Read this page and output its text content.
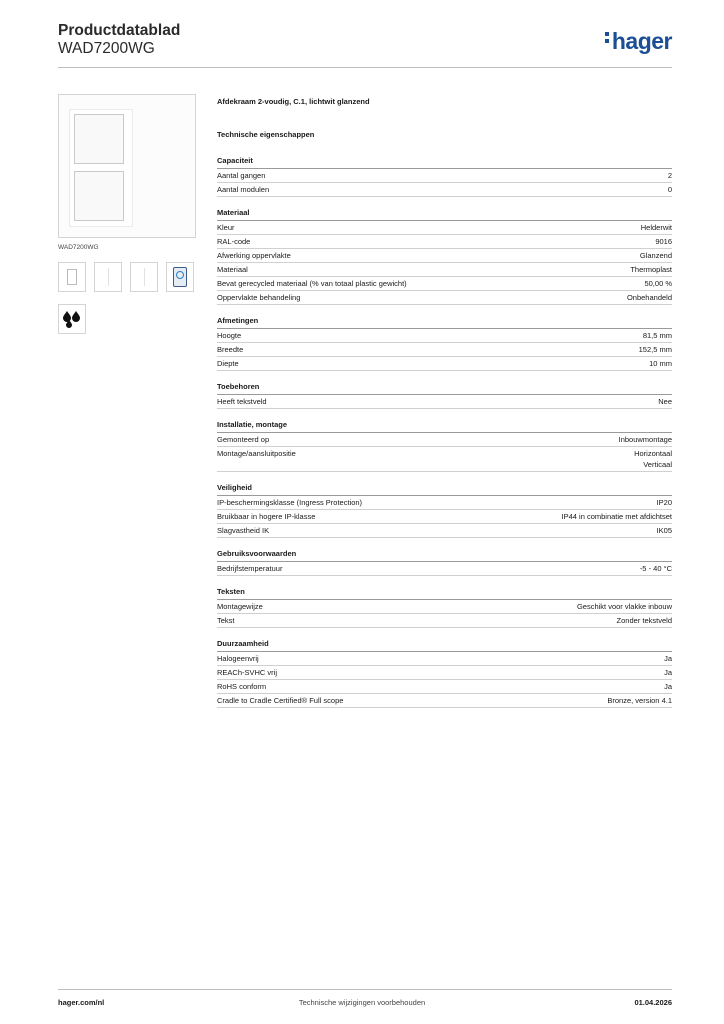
Productdatablad
WAD7200WG	hager
WAD7200WG
Afdekraam 2-voudig, C.1, lichtwit glanzend
Technische eigenschappen
Capaciteit
Aantal gangen	2
Aantal modulen	0
Materiaal
Kleur	Helderwit
RAL-code	9016
Afwerking oppervlakte	Glanzend
Materiaal	Thermoplast
Bevat gerecycled materiaal (% van totaal plastic gewicht)	50,00 %
Oppervlakte behandeling	Onbehandeld
Afmetingen
Hoogte	81,5 mm
Breedte	152,5 mm
Diepte	10 mm
Toebehoren
Heeft tekstveld	Nee
Installatie, montage
Gemonteerd op	Inbouwmontage
Montage/aansluitpositie	Horizontaal
Verticaal
Veiligheid
IP-beschermingsklasse (Ingress Protection)	IP20
Bruikbaar in hogere IP-klasse	IP44 in combinatie met afdichtset
Slagvastheid IK	IK05
Gebruiksvoorwaarden
Bedrijfstemperatuur	-5 - 40 °C
Teksten
Montagewijze	Geschikt voor vlakke inbouw
Tekst	Zonder tekstveld
Duurzaamheid
Halogeenvrij	Ja
REACh-SVHC vrij	Ja
RoHS conform	Ja
Cradle to Cradle Certified® Full scope	Bronze, version 4.1
hager.com/nl	Technische wijzigingen voorbehouden	01.04.2026
